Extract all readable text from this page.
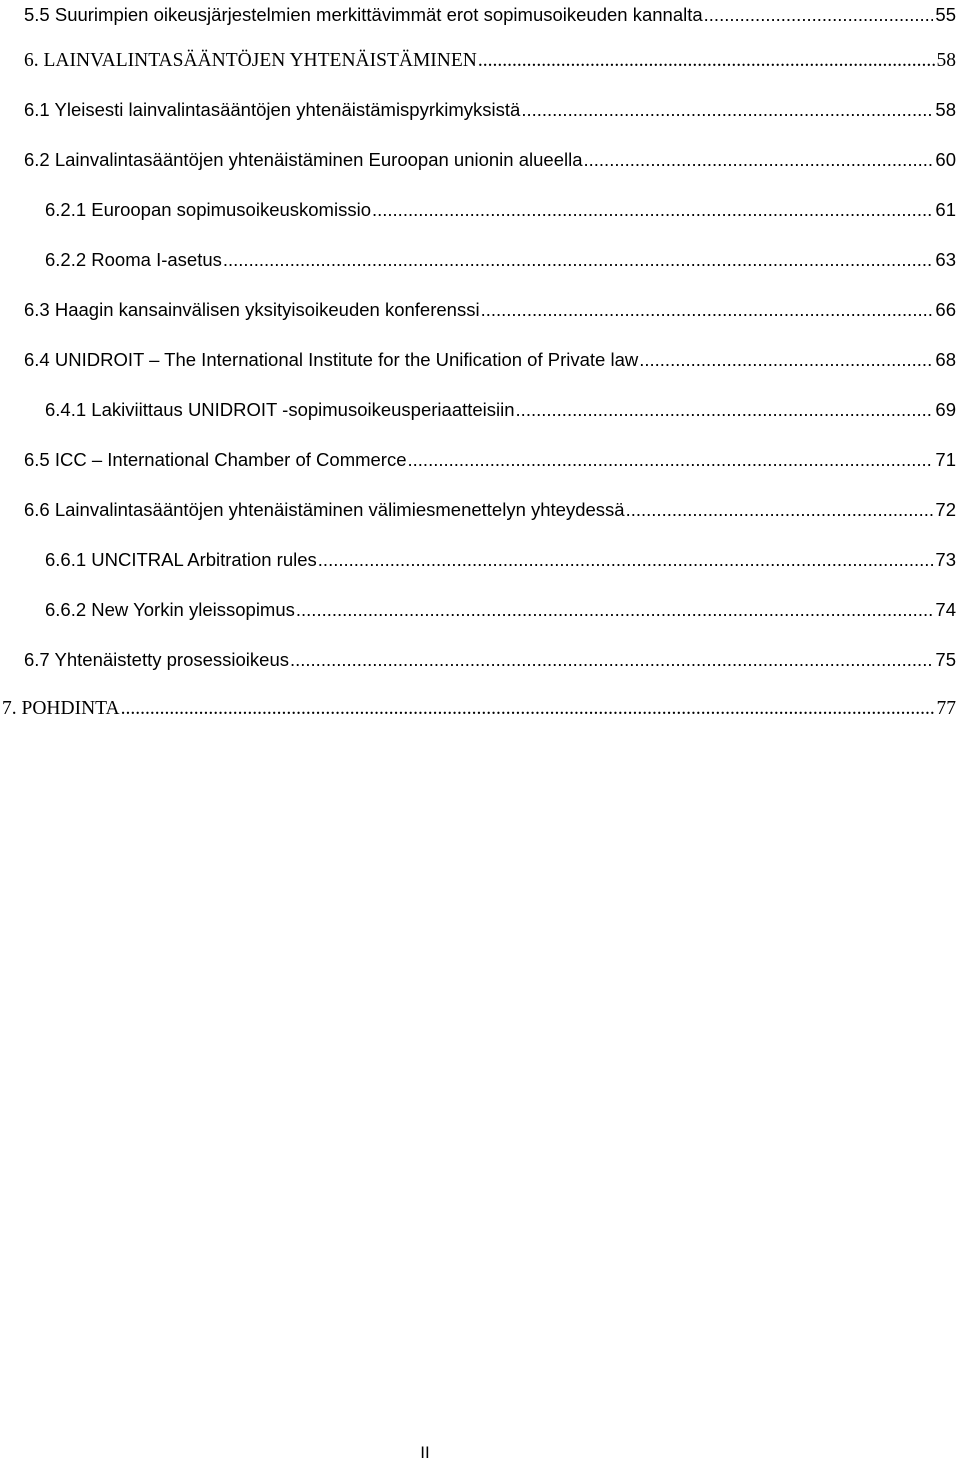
5.5 Suurimpien oikeusjärjestelmien merkittävimmät erot sopimusoikeuden kannalta .....	55
6. LAINVALINTASÄÄNTÖJEN YHTENÄISTÄMINEN .....	58
6.1 Yleisesti lainvalintasääntöjen yhtenäistämispyrkimyksistä .....	58
6.2 Lainvalintasääntöjen yhtenäistäminen Euroopan unionin alueella .....	60
6.2.1 Euroopan sopimusoikeuskomissio .....	61
6.2.2 Rooma I-asetus .....	63
6.3 Haagin kansainvälisen yksityisoikeuden konferenssi .....	66
6.4 UNIDROIT – The International Institute for the Unification of Private law .....	68
6.4.1 Lakiviittaus UNIDROIT -sopimusoikeusperiaatteisiin .....	69
6.5 ICC – International Chamber of Commerce .....	71
6.6 Lainvalintasääntöjen yhtenäistäminen välimiesmenettelyn yhteydessä .....	72
6.6.1 UNCITRAL Arbitration rules .....	73
6.6.2 New Yorkin yleissopimus .....	74
6.7 Yhtenäistetty prosessioikeus .....	75
7. POHDINTA .....	77
II
